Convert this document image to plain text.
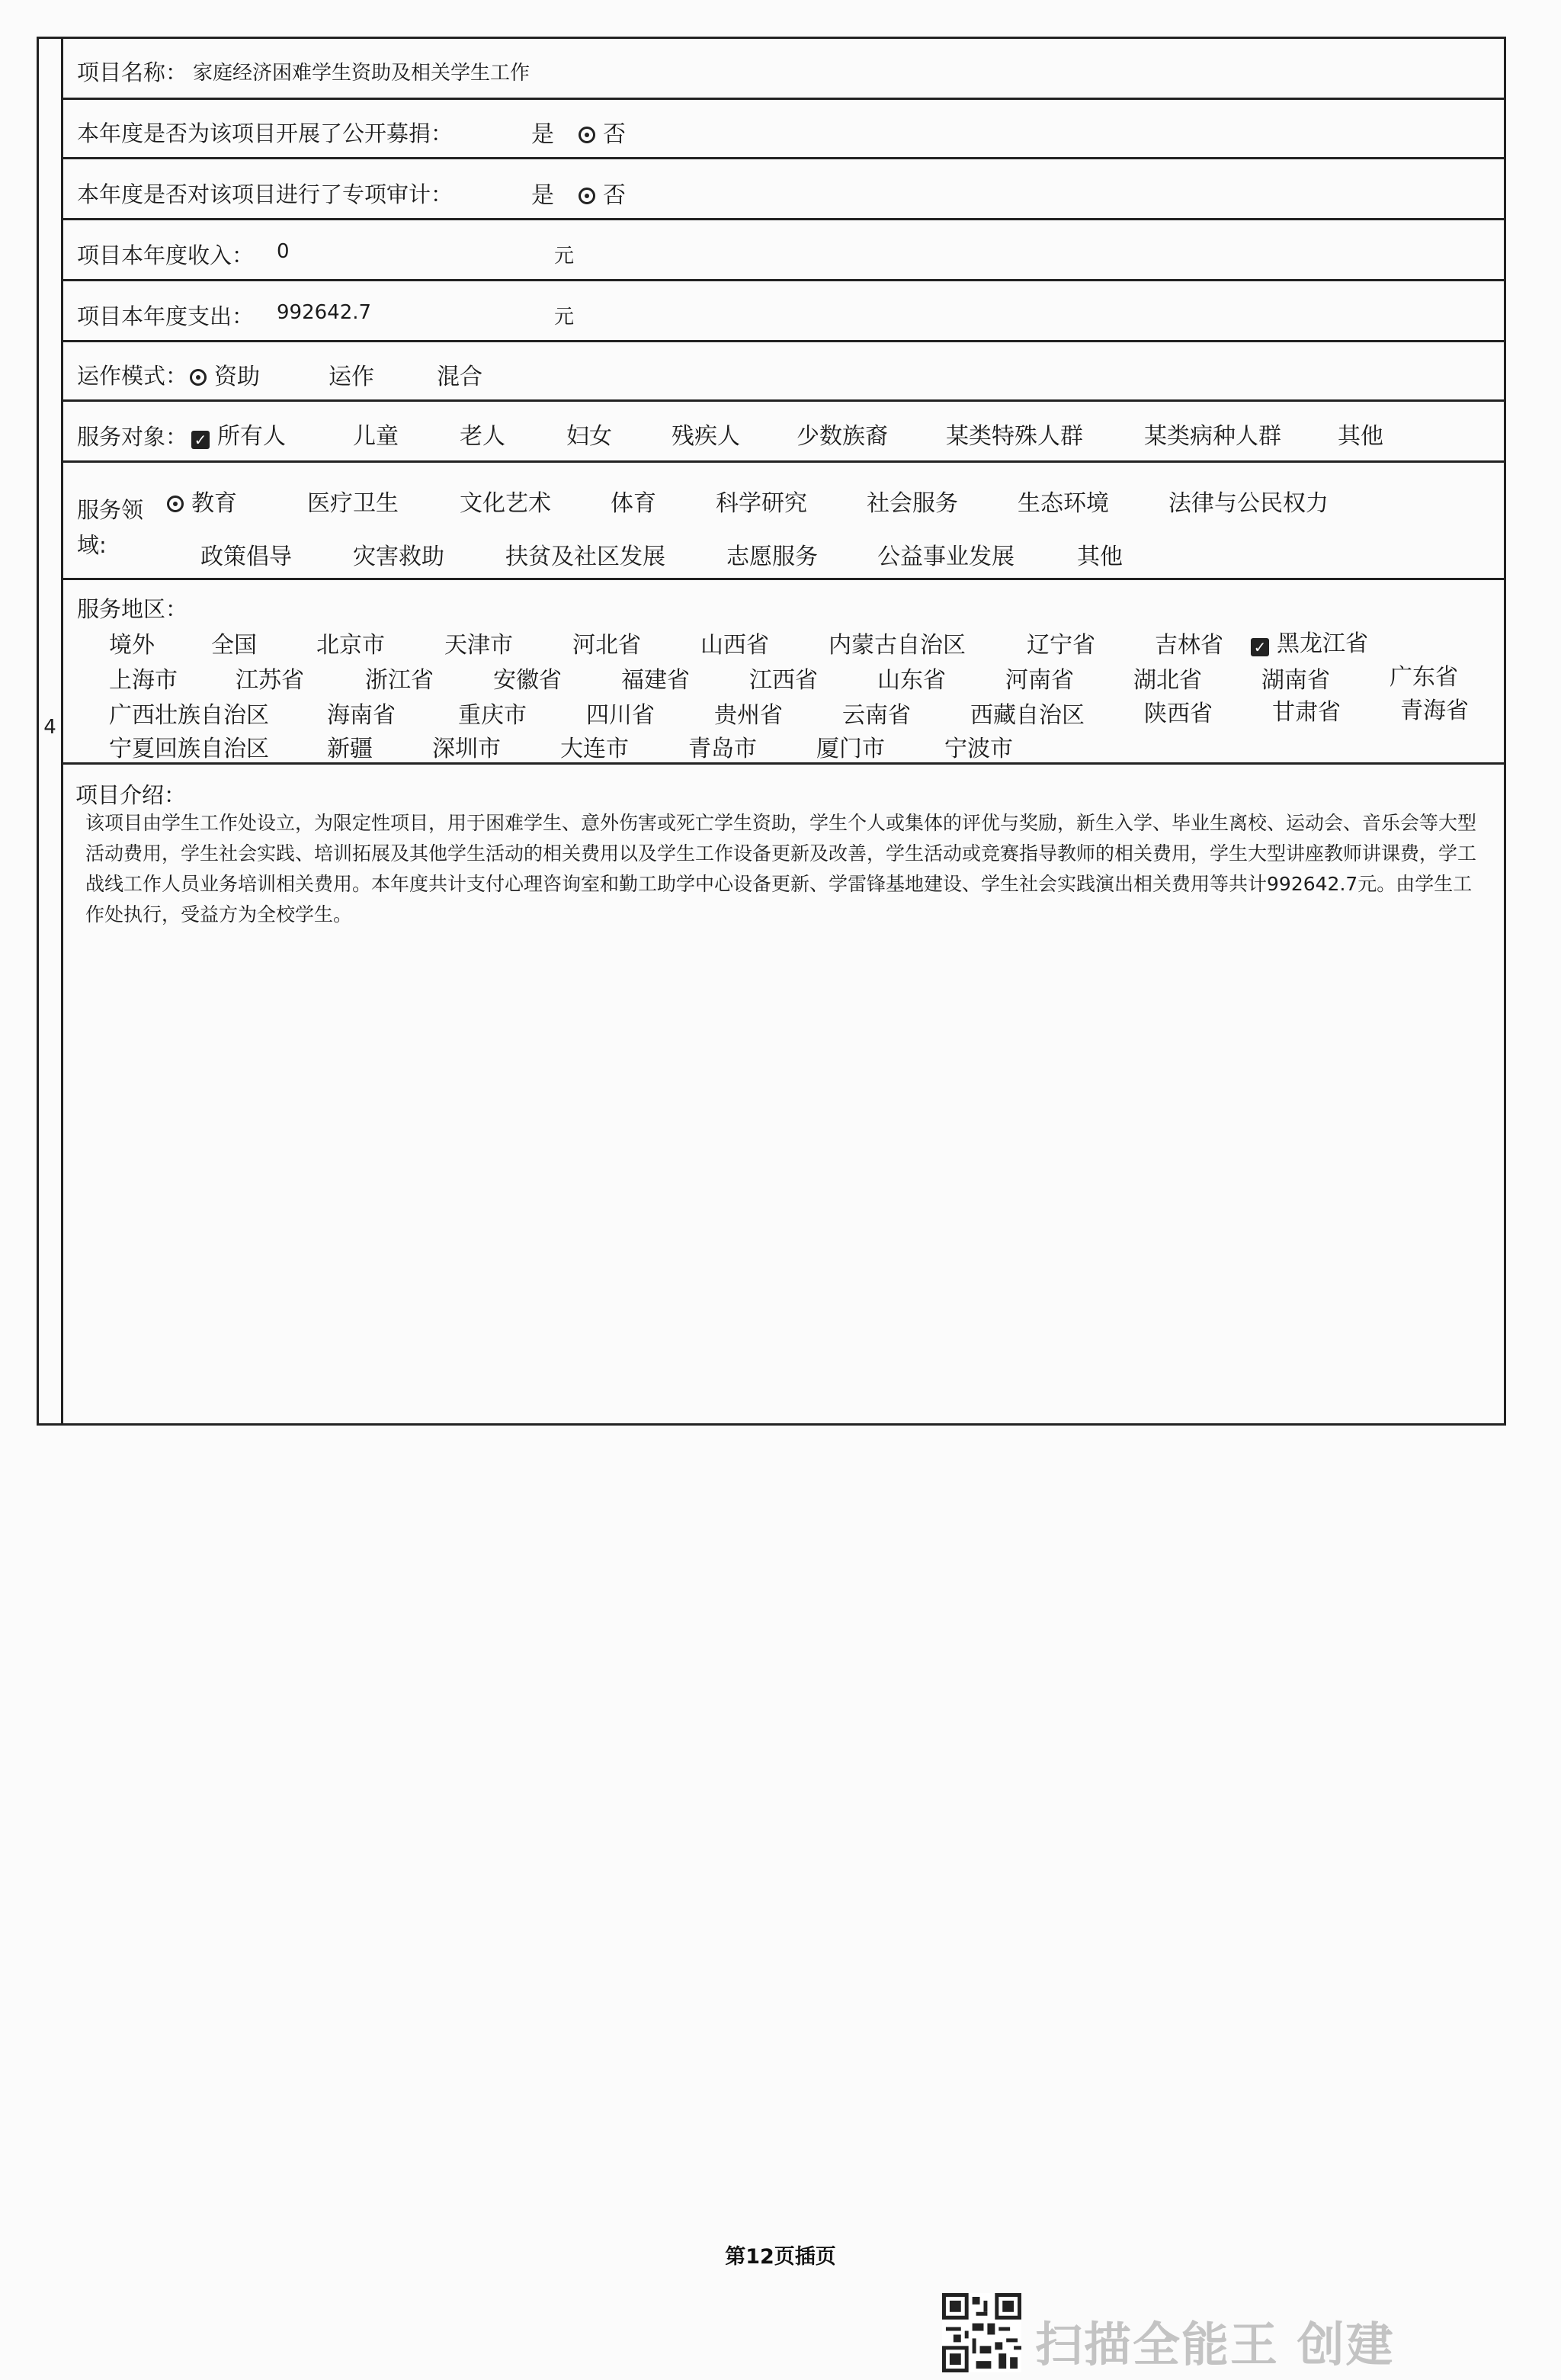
4
项目名称： 家庭经济困难学生资助及相关学生工作
本年度是否为该项目开展了公开募捐：	是	否
本年度是否对该项目进行了专项审计：	是	否
项目本年度收入： 0	元
项目本年度支出： 992642.7	元
运作模式：	资助	运作	混合
服务对象： ✓ 所有人	儿童	老人	妇女	残疾人 少数族裔	某类特殊人群	某类病种人群 其他
服务领
域:
教育	医疗卫生	文化艺术	体育	科学研究	社会服务	生态环境	法律与公民权力
政策倡导	灾害救助	扶贫及社区发展	志愿服务	公益事业发展	其他
服务地区：
境外 全国	北京市	天津市	河北省	山西省	内蒙古自治区	辽宁省	吉林省 ✓ 黑龙江省
上海市	江苏省	浙江省	安徽省	福建省	江西省	山东省	河南省	湖北省	湖南省	广东省
广西壮族自治区	海南省	重庆市	四川省	贵州省	云南省	西藏自治区	陕西省	甘肃省	青海省
宁夏回族自治区	新疆	深圳市	大连市	青岛市	厦门市	宁波市
项目介绍：
该项目由学生工作处设立，为限定性项目，用于困难学生、意外伤害或死亡学生资助，学生个人或集体的评优与奖励，新生入学、毕业生离校、运动会、音乐会等大型活动费用，学生社会实践、培训拓展及其他学生活动的相关费用以及学生工作设备更新及改善，学生活动或竞赛指导教师的相关费用，学生大型讲座教师讲课费，学工战线工作人员业务培训相关费用。本年度共计支付心理咨询室和勤工助学中心设备更新、学雷锋基地建设、学生社会实践演出相关费用等共计992642.7元。由学生工作处执行，受益方为全校学生。
第12页插页
扫描全能王 创建
